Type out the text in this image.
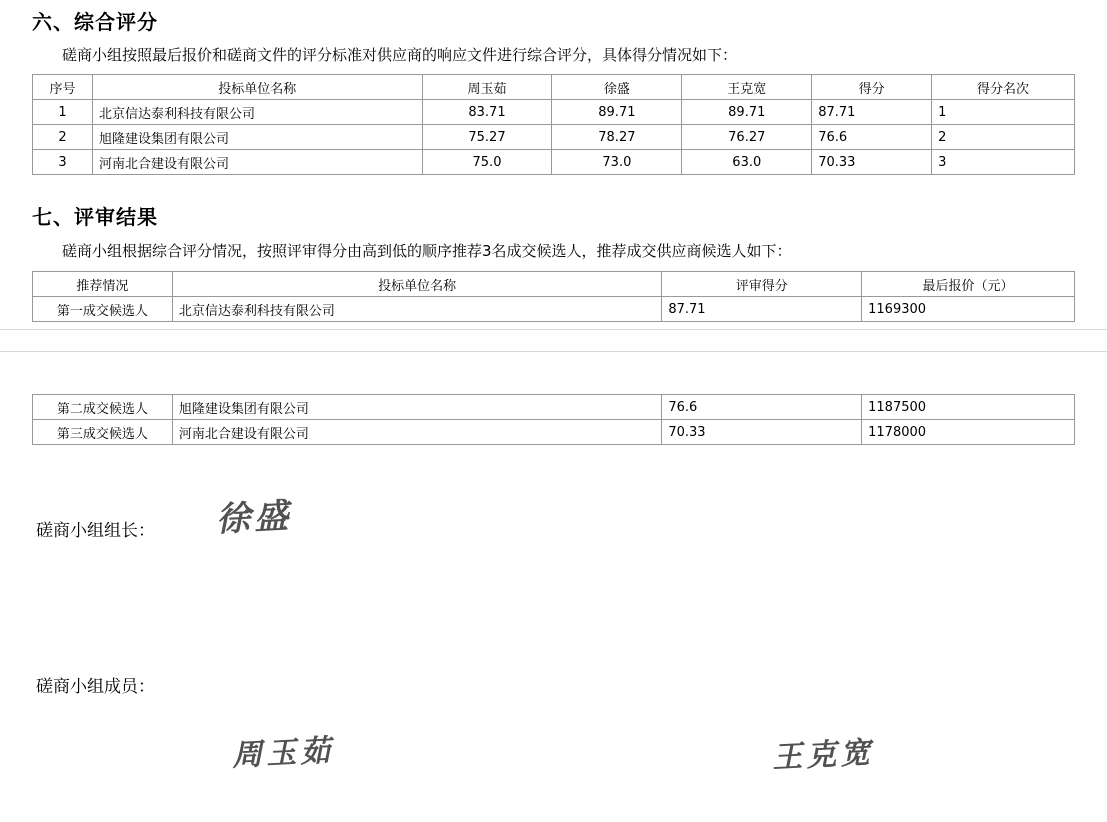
六、综合评分

磋商小组按照最后报价和磋商文件的评分标准对供应商的响应文件进行综合评分，具体得分情况如下：

序号	投标单位名称	周玉茹	徐盛	王克宽	得分	得分名次
1	北京信达泰利科技有限公司	83.71	89.71	89.71	87.71	1
2	旭隆建设集团有限公司	75.27	78.27	76.27	76.6	2
3	河南北合建设有限公司	75.0	73.0	63.0	70.33	3
七、评审结果

磋商小组根据综合评分情况，按照评审得分由高到低的顺序推荐3名成交候选人，推荐成交供应商候选人如下：

推荐情况	投标单位名称	评审得分	最后报价（元）
第一成交候选人	北京信达泰利科技有限公司	87.71	1169300
第二成交候选人	旭隆建设集团有限公司	76.6	1187500
第三成交候选人	河南北合建设有限公司	70.33	1178000
磋商小组组长：
磋商小组成员：
徐盛
周玉茹	王克宽
